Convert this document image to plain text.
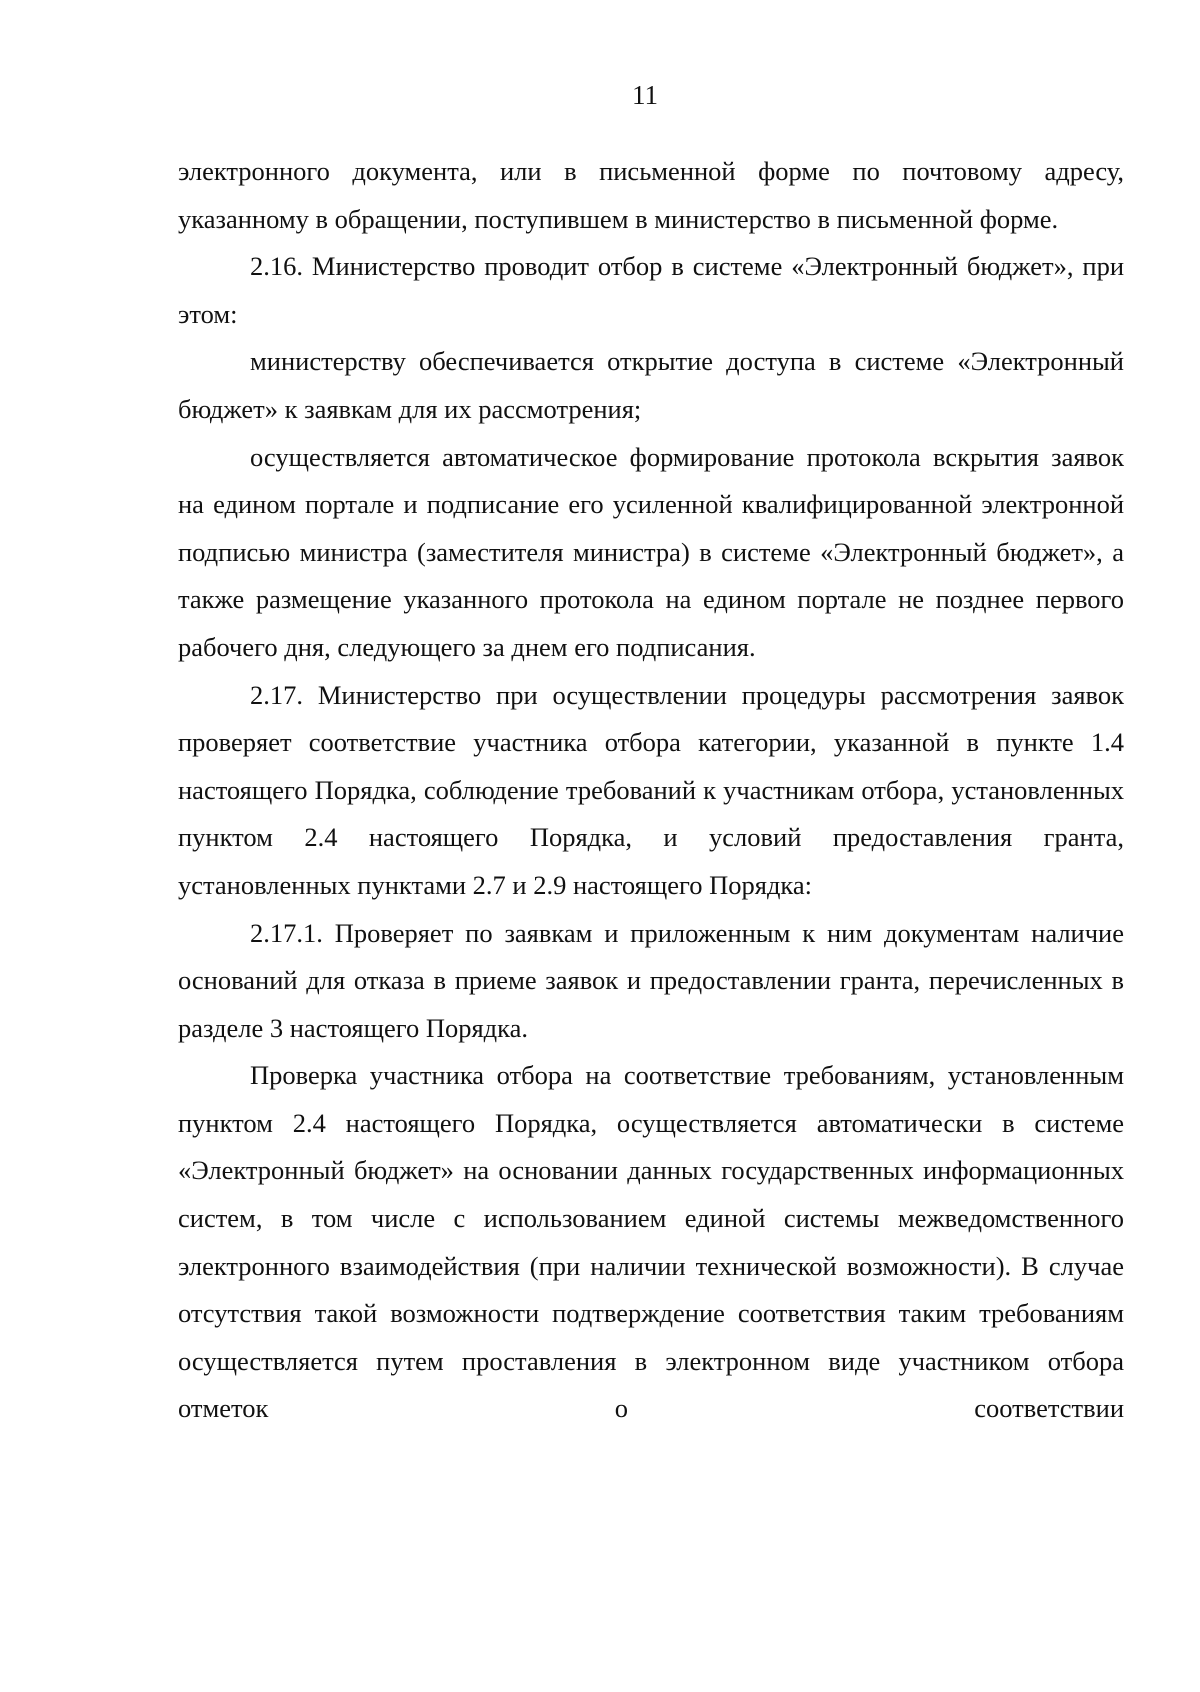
11

электронного документа, или в письменной форме по почтовому адресу, указанному в обращении, поступившем в министерство в письменной форме.

2.16. Министерство проводит отбор в системе «Электронный бюджет», при этом:

министерству обеспечивается открытие доступа в системе «Электронный бюджет» к заявкам для их рассмотрения;

осуществляется автоматическое формирование протокола вскрытия заявок на едином портале и подписание его усиленной квалифицированной электронной подписью министра (заместителя министра) в системе «Электронный бюджет», а также размещение указанного протокола на едином портале не позднее первого рабочего дня, следующего за днем его подписания.

2.17. Министерство при осуществлении процедуры рассмотрения заявок проверяет соответствие участника отбора категории, указанной в пункте 1.4 настоящего Порядка, соблюдение требований к участникам отбора, установленных пунктом 2.4 настоящего Порядка, и условий предоставления гранта, установленных пунктами 2.7 и 2.9 настоящего Порядка:

2.17.1. Проверяет по заявкам и приложенным к ним документам наличие оснований для отказа в приеме заявок и предоставлении гранта, перечисленных в разделе 3 настоящего Порядка.

Проверка участника отбора на соответствие требованиям, установленным пунктом 2.4 настоящего Порядка, осуществляется автоматически в системе «Электронный бюджет» на основании данных государственных информационных систем, в том числе с использованием единой системы межведомственного электронного взаимодействия (при наличии технической возможности). В случае отсутствия такой возможности подтверждение соответствия таким требованиям осуществляется путем проставления в электронном виде участником отбора отметок о соответствии
